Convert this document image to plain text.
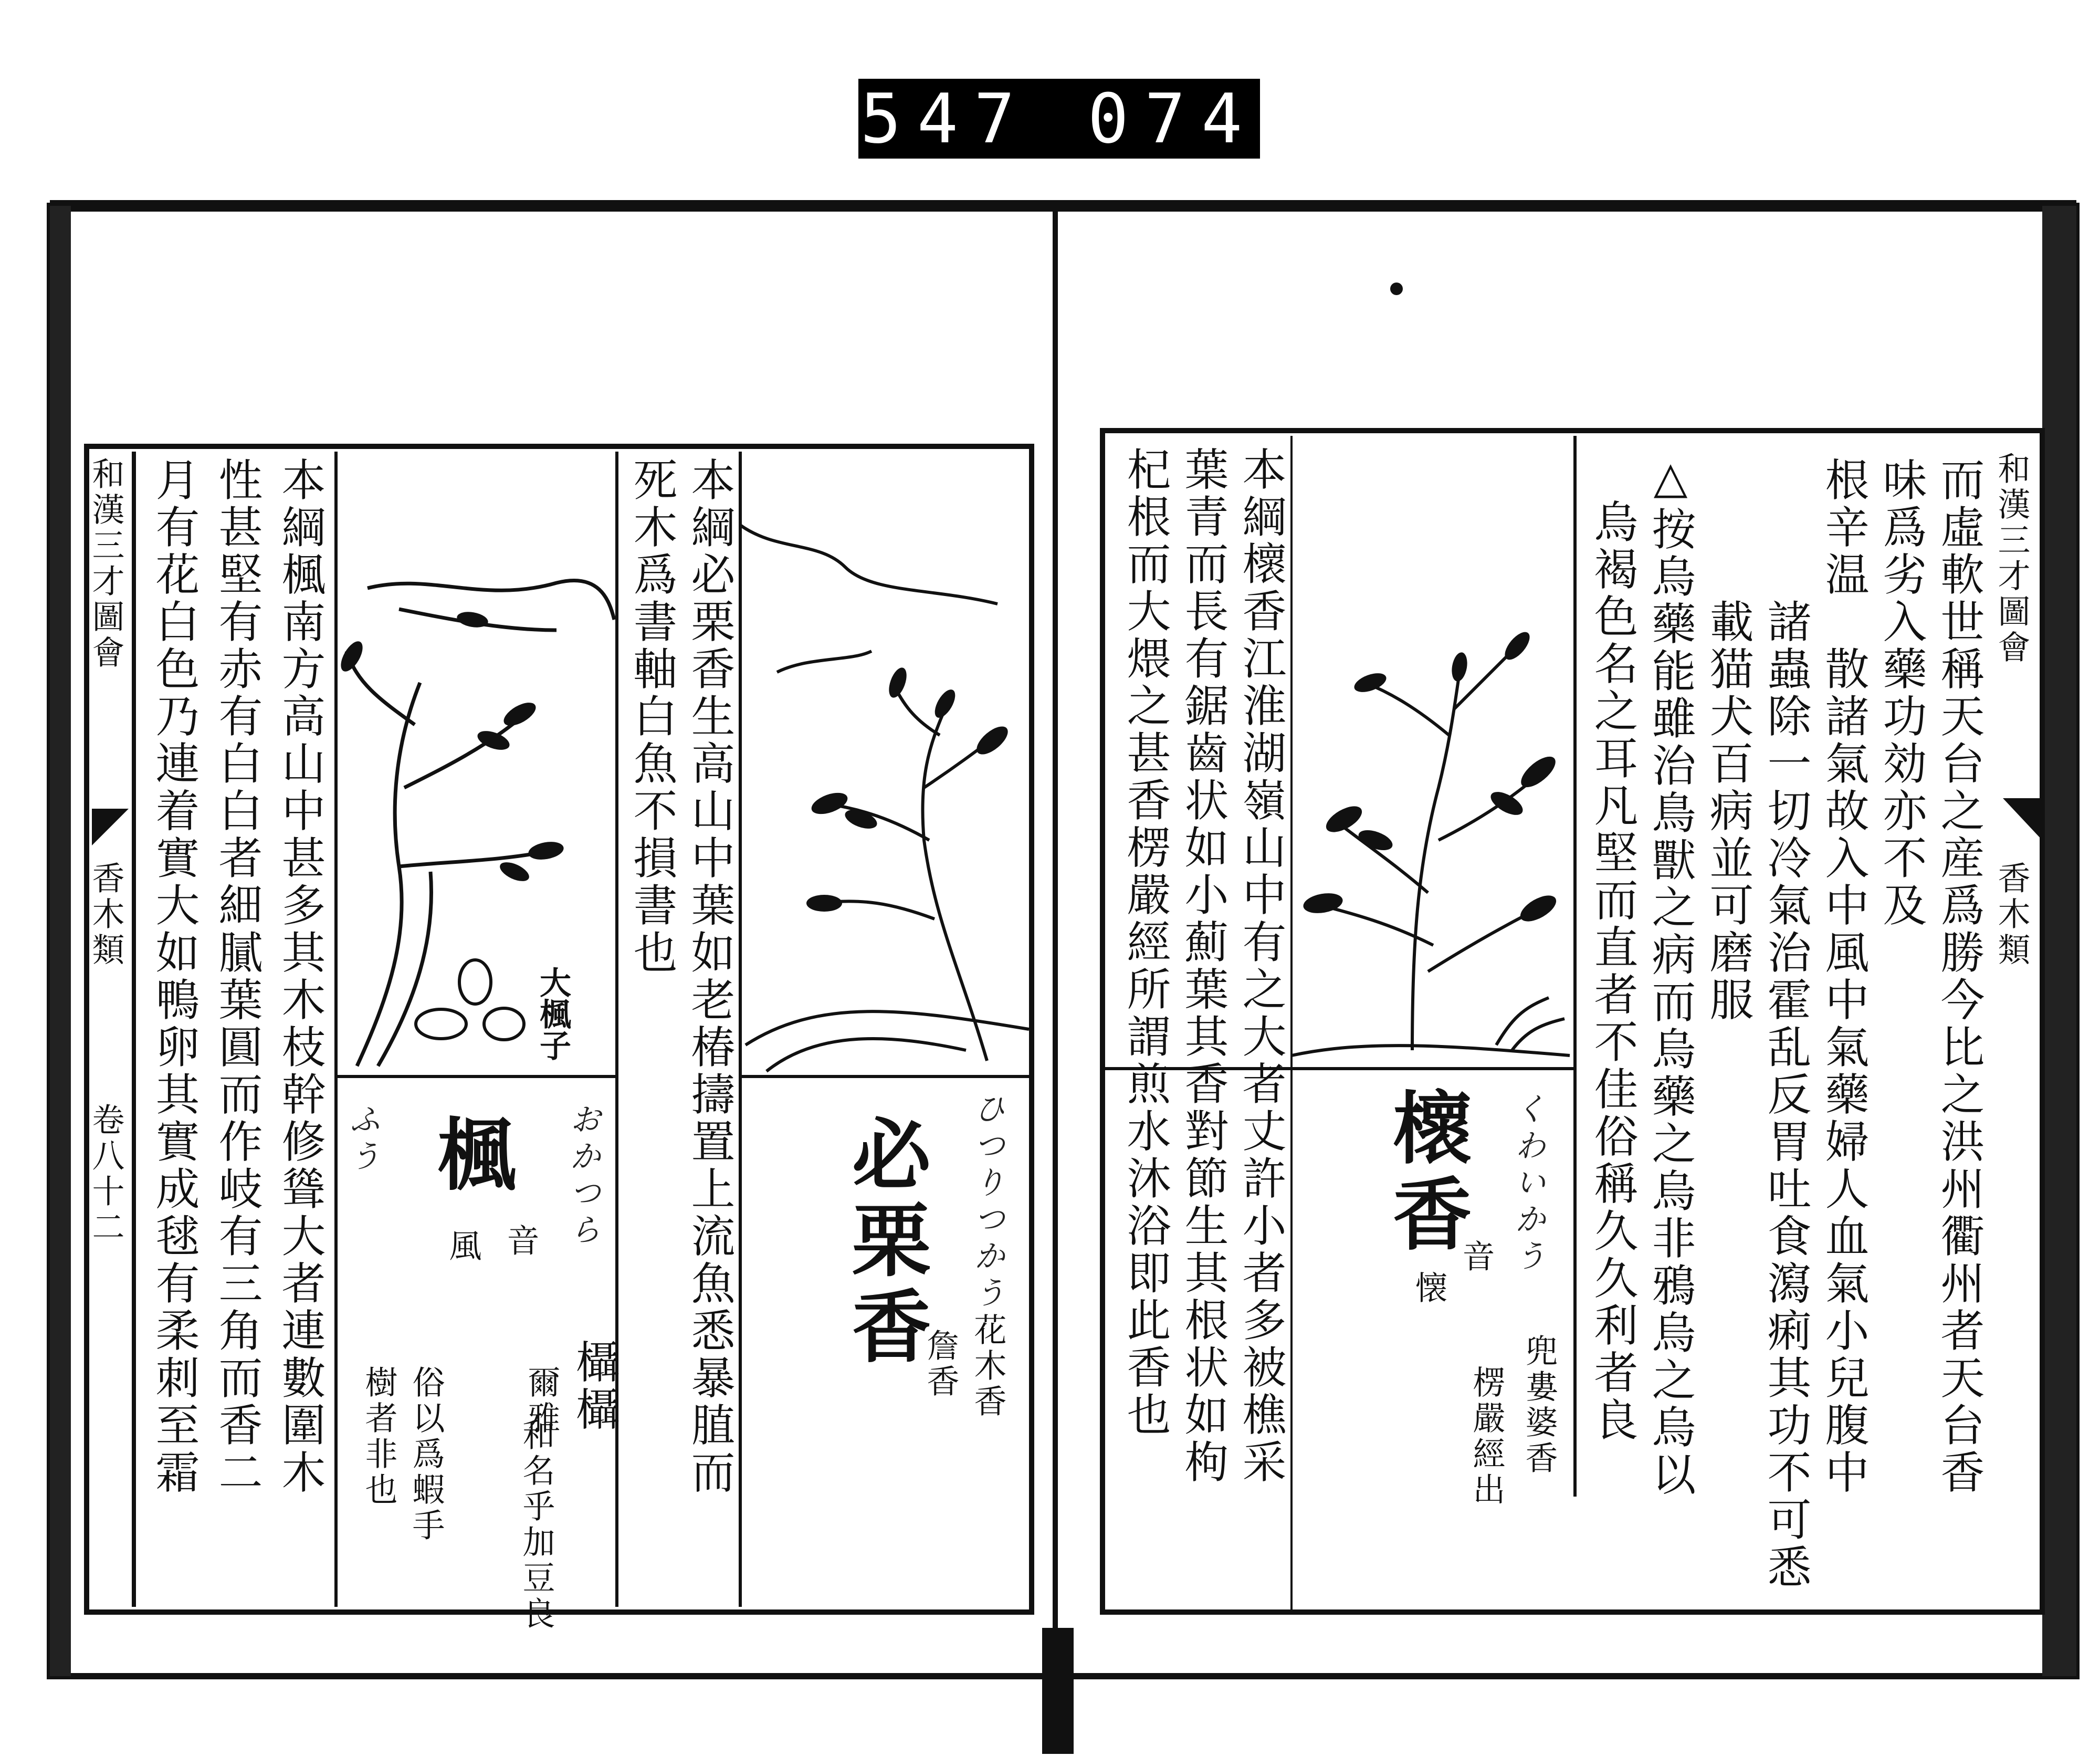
547 074
和漢三才圖會
香木類
而虛軟世稱天台之産爲勝今比之洪州衢州者天台香
味爲劣入藥功効亦不及
根辛温　散諸氣故入中風中氣藥婦人血氣小兒腹中
諸蟲除一切冷氣治霍乱反胃吐食瀉痢其功不可悉
載猫犬百病並可磨服
△按烏藥能雖治鳥獸之病而烏藥之烏非鴉烏之烏以
烏褐色名之耳凡堅而直者不佳俗稱久久利者良
櫰香 くわいかう
音
懐
兜婁婆香
楞嚴經出
本綱櫰香江淮湖嶺山中有之大者丈許小者多被樵采
葉青而長有鋸齒状如小薊葉其香對節生其根状如枸
杞根而大煨之甚香楞嚴經所謂煎水沐浴即此香也
和漢三才圖會
香木類
卷八十二	本綱必栗香生高山中葉如老椿擣置上流魚悉暴䐈而
死木爲書軸白魚不損書也
必栗香 ひつりつかう
花木香
詹香
大楓子
楓 おかつら
ふう
音
風
欇欇
爾雅
和名乎加豆良
俗以爲蝦手
樹者非也
本綱楓南方高山中甚多其木枝幹修聳大者連數圍木
性甚堅有赤有白白者細膩葉圓而作岐有三角而香二
月有花白色乃連着實大如鴨卵其實成毬有柔刺至霜
